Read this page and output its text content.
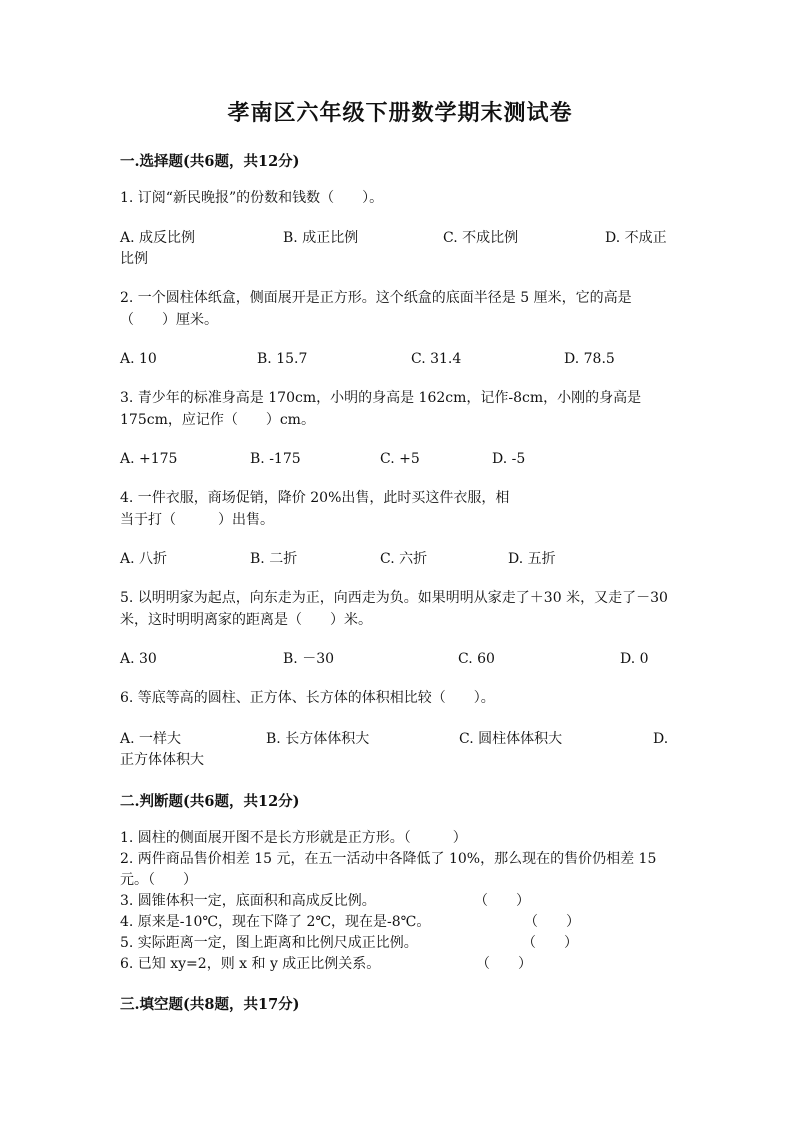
孝南区六年级下册数学期末测试卷
一.选择题(共6题，共12分)
1. 订阅“新民晚报”的份数和钱数（　　）。
A. 成反比例	B. 成正比例	C. 不成比例	D. 不成正
比例
2. 一个圆柱体纸盒，侧面展开是正方形。这个纸盒的底面半径是 5 厘米，它的高是（　　）厘米。
A. 10	B. 15.7	C. 31.4	D. 78.5
3. 青少年的标准身高是 170cm，小明的身高是 162cm，记作-8cm，小刚的身高是 175cm，应记作（　　）cm。
A. +175	B. -175	C. +5	D. -5
4. 一件衣服，商场促销，降价 20%出售，此时买这件衣服，相当于打（　　　）出售。
A. 八折	B. 二折	C. 六折	D. 五折
5. 以明明家为起点，向东走为正，向西走为负。如果明明从家走了＋30 米，又走了－30 米，这时明明离家的距离是（　　）米。
A. 30	B. －30	C. 60	D. 0
6. 等底等高的圆柱、正方体、长方体的体积相比较（　　）。
A. 一样大	B. 长方体体积大	C. 圆柱体体积大	D.
正方体体积大
二.判断题(共6题，共12分)
1. 圆柱的侧面展开图不是长方形就是正方形。（　　　）
2. 两件商品售价相差 15 元，在五一活动中各降低了 10%，那么现在的售价仍相差 15 元。（　　）
3. 圆锥体积一定，底面积和高成反比例。	（　　）
4. 原来是-10℃，现在下降了 2℃，现在是-8℃。	（　　）
5. 实际距离一定，图上距离和比例尺成正比例。	（　　）
6. 已知 xy=2，则 x 和 y 成正比例关系。	（　　）
三.填空题(共8题，共17分)
